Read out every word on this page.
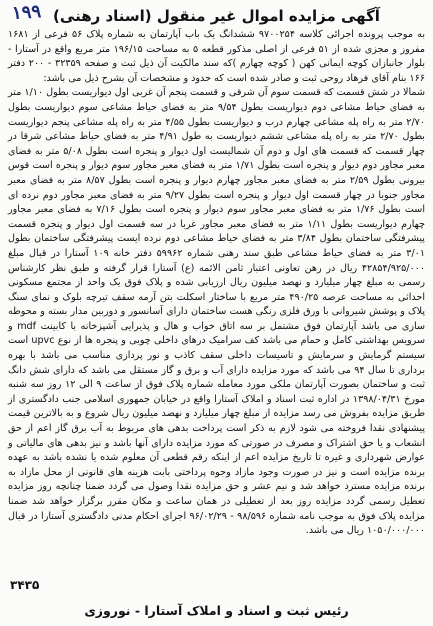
۱۹۹ آگهی مزایده اموال غیر منقول (اسناد رهنی)

به موجب پرونده اجرائی کلاسه ۹۷۰۰۲۵۴ ششدانگ یک باب آپارتمان به شماره پلاک ۵۶ فرعی از ۱۶۸۱ مفروز و مجزی شده از ۵۱ فرعی از اصلی مذکور قطعه ۵ به مساحت ۱۹۶/۱۵ متر مربع واقع در آستارا - بلوار جانبازان کوچه ایمانی کهن ( کوچه چهارم )که سند مالکیت آن ذیل ثبت و صفحه ۳۲۳۵۹ - ۲۰۰ دفتر ۱۶۶ بنام آقای فرهاد روحی ثبت و صادر شده است که حدود و مشخصات آن بشرح ذیل می باشد:

شمالا در شش قسمت که قسمت سوم آن شرقی و قسمت پنجم آن غربی اول دیواریست بطول ۱/۱۰ متر به فضای حیاط مشاعی دوم دیواریست بطول ۹/۵۴ متر به فضای حیاط مشاعی سوم دیواریست بطول ۲/۷۰ متر به راه پله مشاعی چهارم درب و دیواریست بطول ۴/۵۵ متر به راه پله مشاعی پنجم دیواریست بطول ۲/۷۰ متر به راه پله مشاعی ششم دیواریست به طول ۴/۹۱ متر به فضای حیاط مشاعی شرقا در چهار قسمت که قسمت های اول و دوم آن شمالیست اول دیوار و پنجره است بطول ۵/۰۸ متر به فضای معبر مجاور دوم دیوار و پنجره است بطول ۱/۷۱ متر به فضای معبر مجاور سوم دیوار و پنجره است قوس بیرونی بطول ۲/۵۹ متر به فضای معبر مجاور چهارم دیوار و پنجره است بطول ۸/۵۷ متر به فضای معبر مجاور جنوبا در چهار قسمت اول دیوار و پنجره است بطول ۹/۲۷ متر به فضای معبر مجاور دوم نرده ای است بطول ۱/۷۶ متر به فضای معبر مجاور سوم دیوار و پنجره است بطول ۷/۱۶ به فضای معبر مجاور چهارم دیواریست بطول ۱/۱۱ متر به فضای معبر مجاور غربا در سه قسمت اول دیوار و پنجره قسمت پیشرفتگی ساختمان بطول ۳/۸۴ متر به فضای حیاط مشاعی دوم نرده ایست پیشرفتگی ساختمان بطول ۳/۰۱ متر به فضای حیاط مشاعی طبق سند رهنی شماره ۵۹۹۶۲ دفتر خانه ۱۰۹ آستارا در قبال مبلغ ۴۲۸۵۴/۹۲۵/۰۰۰ ریال در رهن تعاونی اعتبار ثامن الائمه (ع) آستارا قرار گرفته و طبق نظر کارشناس رسمی به مبلغ چهار میلیارد و نهصد میلیون ریال ارزیابی شده و پلاک فوق یک واحد از مجتمع مسکونی احداثی به مساحت عرصه ۴۹۰/۲۵ متر مربع با ساختار اسکلت بتن آرمه سقف تیرچه بلوک و نمای سنگ پلاک و پوشش شیروانی با ورق فلزی رنگی هست ساختمان دارای آسانسور و دوربین مدار بسته و محوطه سازی می باشد آپارتمان فوق مشتمل بر سه اتاق خواب و هال و پذیرایی آشپزخانه با کابینت mdf و سرویس بهداشتی کامل و حمام می باشد کف سرامیک درهای داخلی چوبی و پنجره ها از نوع upvc است سیستم گرمایش و سرمایش و تاسیسات داخلی سقف کاذب و نور پردازی مناسب می باشد با بهره برداری تا سال ۹۴ می باشد که مورد مزایده دارای آب و برق و گاز مستقل می باشد که دارای شش دانگ ثبت و ساختمان بصورت آپارتمان ملکی مورد معامله شماره پلاک فوق از ساعت ۹ الی ۱۲ روز سه شنبه مورخ ۱۳۹۸/۰۴/۳۱ در اداره ثبت اسناد و املاک آستارا واقع در خیابان جمهوری اسلامی جنب دادگستری از طریق مزایده بفروش می رسد مزایده از مبلغ چهار میلیارد و نهصد میلیون ریال شروع و به بالاترین قیمت پیشنهادی نقدا فروخته می شود لازم به ذکر است پرداخت بدهی های مربوط به آب برق گاز اعم از حق انشعاب و یا حق اشتراک و مصرف در صورتی که مورد مزایده دارای آنها باشد و نیز بدهی های مالیاتی و عوارض شهرداری و غیره تا تاریخ مزایده اعم از اینکه رقم قطعی آن معلوم شده یا نشده باشد به عهده برنده مزایده است و نیز در صورت وجود مازاد وجوه پرداختی بابت هزینه های قانونی از محل مازاد به برنده مزایده مسترد خواهد شد و نیم عشر و حق مزایده نقدا وصول می گردد ضمنا چنانچه روز مزایده تعطیل رسمی گردد مزایده روز بعد از تعطیلی در همان ساعت و مکان مقرر برگزار خواهد شد ضمنا مزایده پلاک فوق به موجب نامه شماره ۹۸/۵۹۶ - ۹۶/۰۲/۲۹ اجرای احکام مدنی دادگستری آستارا در قبال ۱۰۵۰/۰۰۰/۰۰۰ ریال می باشد.

۳۴۳۵
رئیس ثبت و اسناد و املاک آستارا - نوروزی
